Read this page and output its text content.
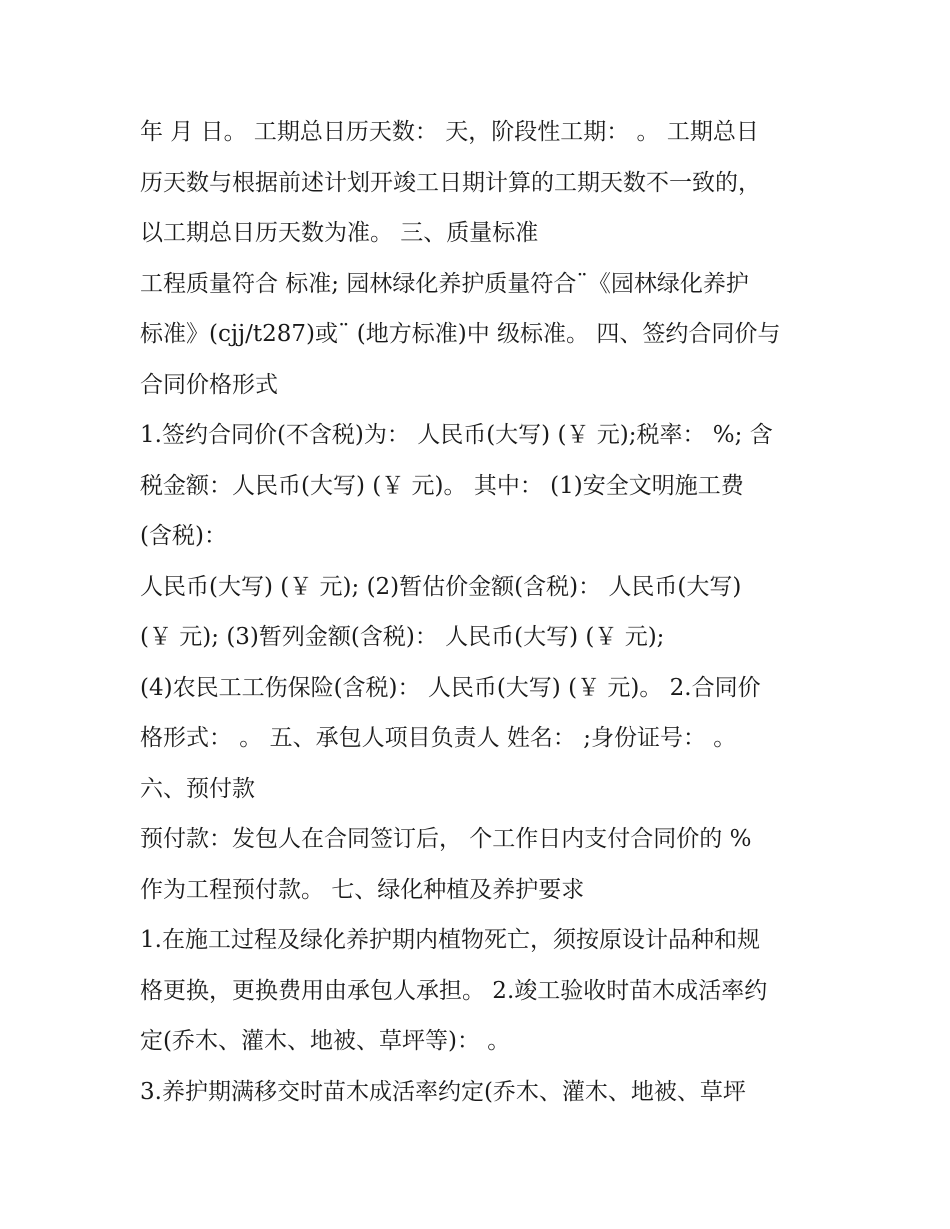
年 月 日。 工期总日历天数： 天，阶段性工期： 。 工期总日
历天数与根据前述计划开竣工日期计算的工期天数不一致的，
以工期总日历天数为准。 三、质量标准
工程质量符合 标准; 园林绿化养护质量符合¨《园林绿化养护
标准》(cjj/t287)或¨ (地方标准)中 级标准。 四、签约合同价与
合同价格形式
1.签约合同价(不含税)为： 人民币(大写) (￥ 元);税率： %; 含
税金额：人民币(大写) (￥ 元)。 其中： (1)安全文明施工费
(含税)：
人民币(大写) (￥ 元); (2)暂估价金额(含税)： 人民币(大写)
(￥ 元); (3)暂列金额(含税)： 人民币(大写) (￥ 元);
(4)农民工工伤保险(含税)： 人民币(大写) (￥ 元)。 2.合同价
格形式： 。 五、承包人项目负责人 姓名： ;身份证号： 。
六、预付款
预付款：发包人在合同签订后， 个工作日内支付合同价的 %
作为工程预付款。 七、绿化种植及养护要求
1.在施工过程及绿化养护期内植物死亡，须按原设计品种和规
格更换，更换费用由承包人承担。 2.竣工验收时苗木成活率约
定(乔木、灌木、地被、草坪等)： 。
3.养护期满移交时苗木成活率约定(乔木、灌木、地被、草坪
